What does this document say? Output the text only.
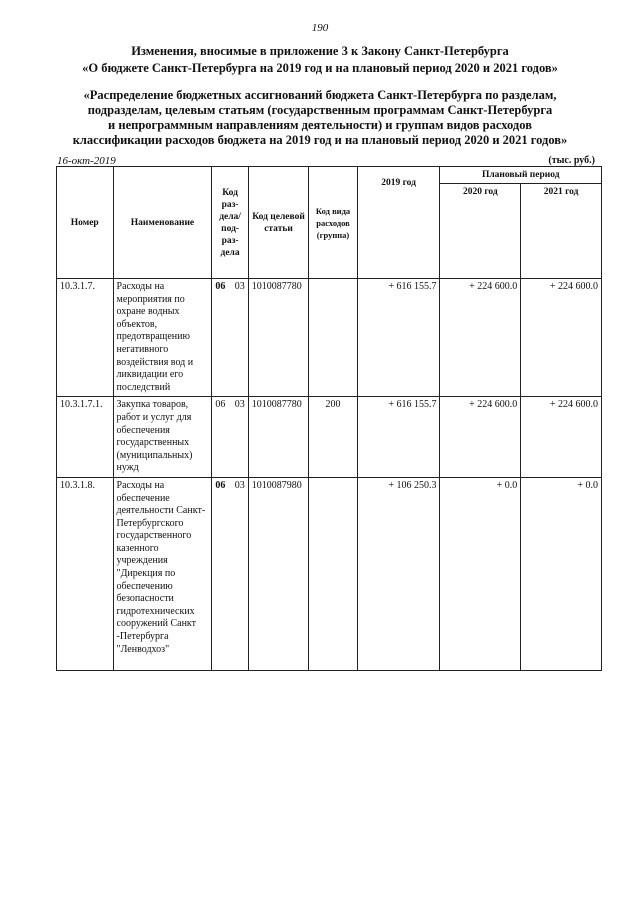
190
Изменения, вносимые в приложение 3 к Закону Санкт-Петербурга
«О бюджете Санкт-Петербурга на 2019 год и на плановый период 2020 и 2021 годов»
«Распределение бюджетных ассигнований бюджета Санкт-Петербурга по разделам,
подразделам, целевым статьям (государственным программам Санкт-Петербурга
и непрограммным направлениям деятельности) и группам видов расходов
классификации расходов бюджета на 2019 год и на плановый период 2020 и 2021 годов»
16-окт-2019	(тыс. руб.)
Номер	Наименование	Код раз-дела/ под-раз-дела	Код целевой статьи	Код вида расходов (группа)	2019 год	Плановый период	
						2020 год	2021 год
10.3.1.7.	Расходы на мероприятия по охране водных объектов, предотвращению негативного воздействия вод и ликвидации его последствий	06 03	1010087780		+ 616 155.7	+ 224 600.0	+ 224 600.0
10.3.1.7.1.	Закупка товаров, работ и услуг для обеспечения государственных (муниципальных) нужд	06 03	1010087780	200	+ 616 155.7	+ 224 600.0	+ 224 600.0
10.3.1.8.	Расходы на обеспечение деятельности Санкт-Петербургского государственного казенного учреждения "Дирекция по обеспечению безопасности гидротехнических сооружений Санкт -Петербурга "Ленводхоз"	06 03	1010087980		+ 106 250.3	+ 0.0	+ 0.0
